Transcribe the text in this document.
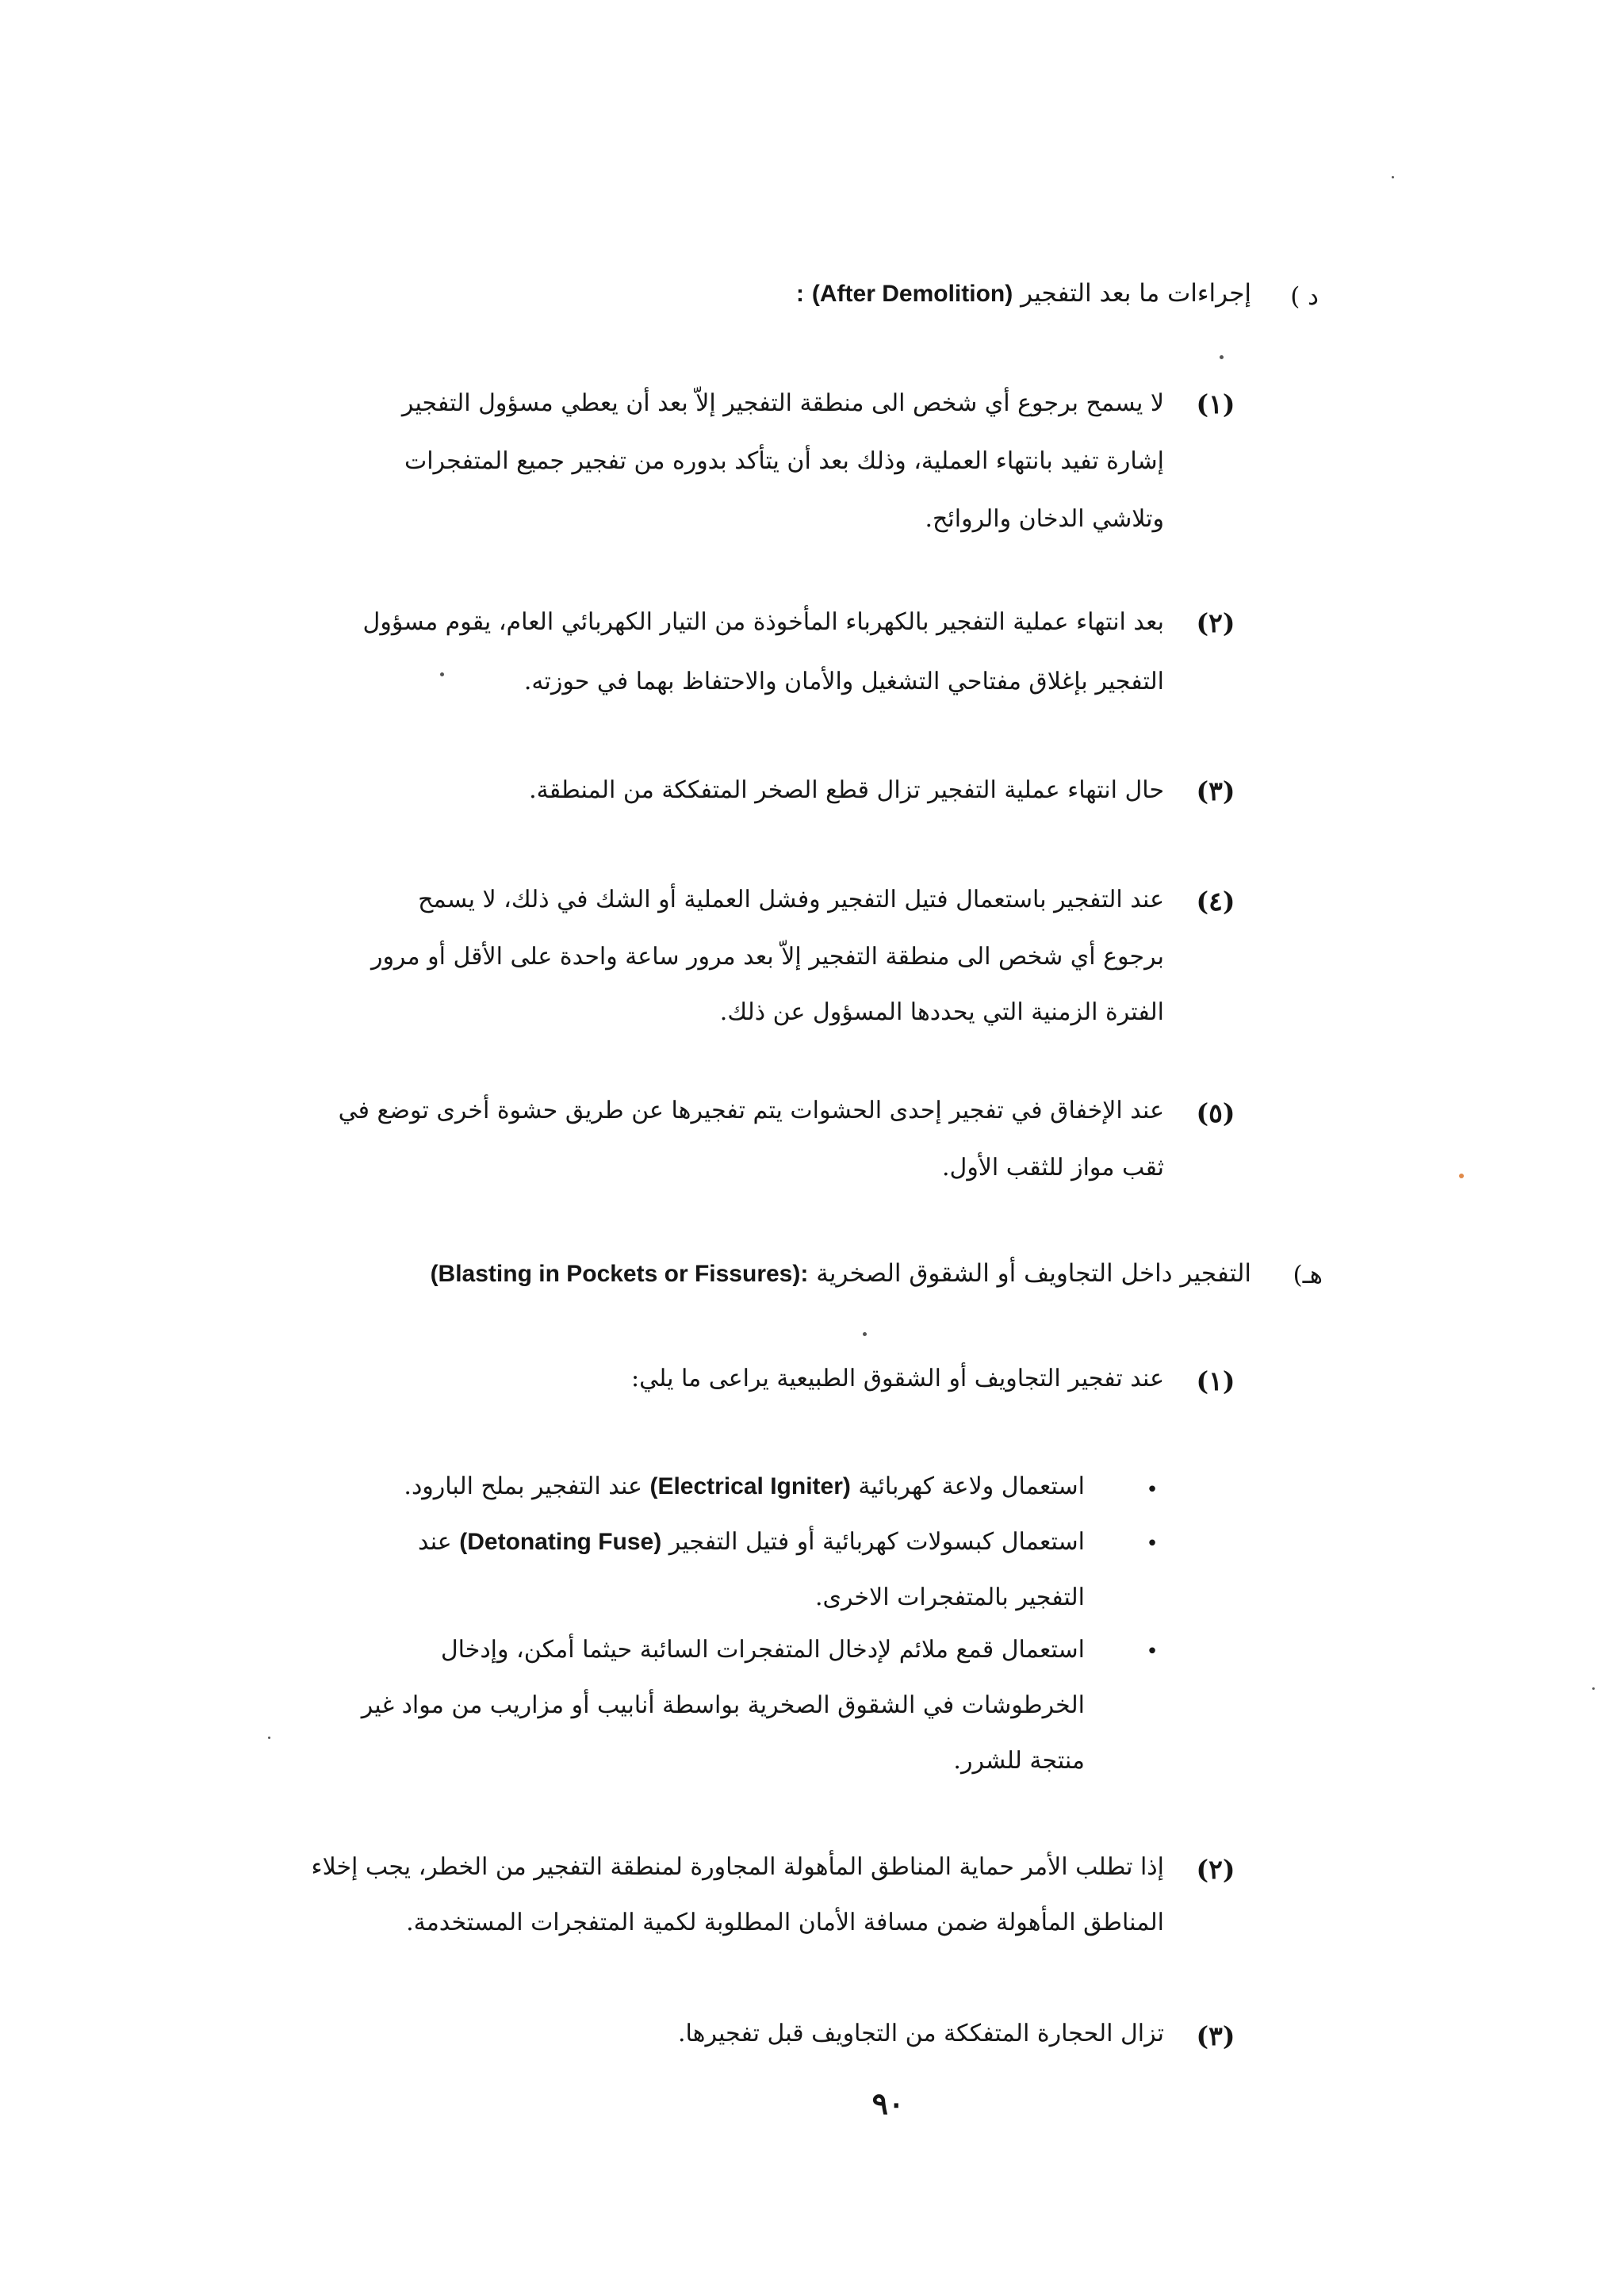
د )
إجراءات ما بعد التفجير (After Demolition) :
(١)
لا يسمح برجوع أي شخص الى منطقة التفجير إلاّ بعد أن يعطي مسؤول التفجير
إشارة تفيد بانتهاء العملية، وذلك بعد أن يتأكد بدوره من تفجير جميع المتفجرات
وتلاشي الدخان والروائح.
(٢)
بعد انتهاء عملية التفجير بالكهرباء المأخوذة من التيار الكهربائي العام، يقوم مسؤول
التفجير بإغلاق مفتاحي التشغيل والأمان والاحتفاظ بهما في حوزته.
(٣)
حال انتهاء عملية التفجير تزال قطع الصخر المتفككة من المنطقة.
(٤)
عند التفجير باستعمال فتيل التفجير وفشل العملية أو الشك في ذلك، لا يسمح
برجوع أي شخص الى منطقة التفجير إلاّ بعد مرور ساعة واحدة على الأقل أو مرور
الفترة الزمنية التي يحددها المسؤول عن ذلك.
(٥)
عند الإخفاق في تفجير إحدى الحشوات يتم تفجيرها عن طريق حشوة أخرى توضع في
ثقب مواز للثقب الأول.
هـ)
التفجير داخل التجاويف أو الشقوق الصخرية (Blasting in Pockets or Fissures):
(١)
عند تفجير التجاويف أو الشقوق الطبيعية يراعى ما يلي:
•
استعمال ولاعة كهربائية (Electrical Igniter) عند التفجير بملح البارود.
•
استعمال كبسولات كهربائية أو فتيل التفجير (Detonating Fuse) عند
التفجير بالمتفجرات الاخرى.
•
استعمال قمع ملائم لإدخال المتفجرات السائبة حيثما أمكن، وإدخال
الخرطوشات في الشقوق الصخرية بواسطة أنابيب أو مزاريب من مواد غير
منتجة للشرر.
(٢)
إذا تطلب الأمر حماية المناطق المأهولة المجاورة لمنطقة التفجير من الخطر، يجب إخلاء
المناطق المأهولة ضمن مسافة الأمان المطلوبة لكمية المتفجرات المستخدمة.
(٣)
تزال الحجارة المتفككة من التجاويف قبل تفجيرها.
٩٠
